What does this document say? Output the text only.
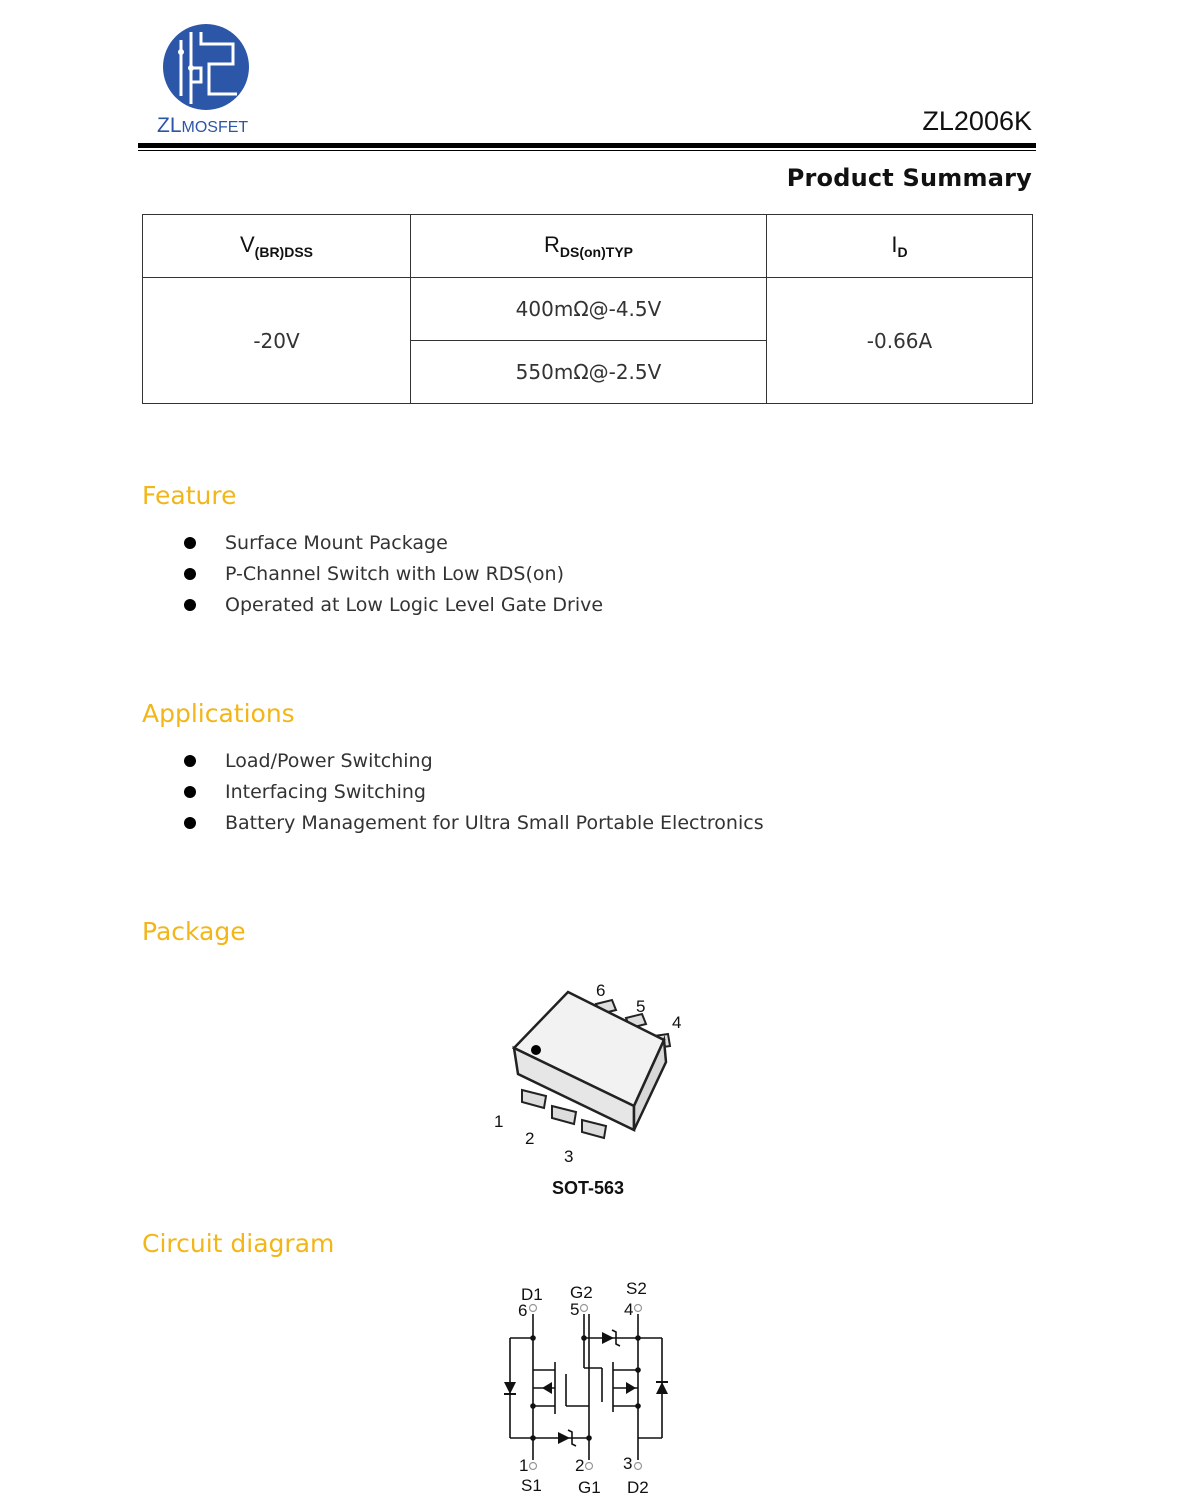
ZLMOSFET	ZL2006K
Product Summary
$V_{(BR)DSS}$	$R_{DS(on)TYP}$	$I_D$
-20V	400mΩ@-4.5V	-0.66A
	550mΩ@-2.5V	
Feature
Surface Mount Package
P-Channel Switch with Low RDS(on)
Operated at Low Logic Level Gate Drive
Applications
Load/Power Switching
Interfacing Switching
Battery Management for Ultra Small Portable Electronics
Package
1
2
3
4
5
6
SOT-563
Circuit diagram
D1 G2 S2
6	5	4
1	2 3
S1 G1 D2
